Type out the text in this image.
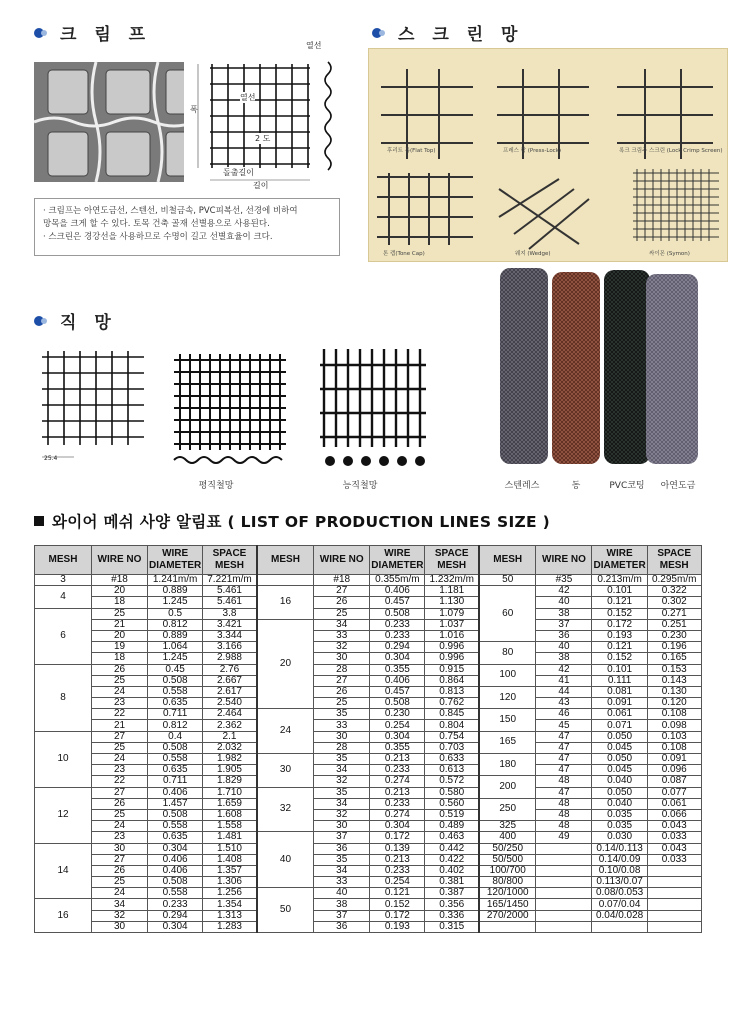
크 림 프	스 크 린 망
직 망
열선
폭
열선
2 도
돌출길이
길이
· 크림프는 아연도금선, 스텐선, 비철금속, PVC피복선, 선경에 비하여
망목을 크게 할 수 있다. 토목 건축 골재 선별용으로 사용된다.
· 스크린은 경강선을 사용하므로 수명이 길고 선별효율이 크다.
후리트 톱(Flat Top)	프레스 락 (Press-Lock)	록크 크림주 스크린 (Lock Crimp Screen)
톤 캡(Tone Cap)	웨지 (Wedge)	싸이몬 (Symon)
25.4
평직철망	능직철망	스텐레스	동	PVC코팅	아연도금
와이어 메쉬 사양 알림표 ( LIST OF PRODUCTION LINES SIZE )
MESH	WIRE NO	WIRE
DIAMETER	SPACE
MESH	MESH	WIRE NO	WIRE
DIAMETER	SPACE
MESH	MESH	WIRE NO	WIRE
DIAMETER	SPACE
MESH
3	#18	1.241m/m	7.221m/m		#18	0.355m/m	1.232m/m	50	#35	0.213m/m	0.295m/m
4	20	0.889	5.461	16	27	0.406	1.181	60	42	0.101	0.322
	18	1.245	5.461		26	0.457	1.130		40	0.121	0.302
6	25	0.5	3.8		25	0.508	1.079		38	0.152	0.271
	21	0.812	3.421	20	34	0.233	1.037		37	0.172	0.251
	20	0.889	3.344		33	0.233	1.016		36	0.193	0.230
	19	1.064	3.166		32	0.294	0.996	80	40	0.121	0.196
	18	1.245	2.988		30	0.304	0.996		38	0.152	0.165
8	26	0.45	2.76		28	0.355	0.915	100	42	0.101	0.153
	25	0.508	2.667		27	0.406	0.864		41	0.111	0.143
	24	0.558	2.617		26	0.457	0.813	120	44	0.081	0.130
	23	0.635	2.540		25	0.508	0.762		43	0.091	0.120
	22	0.711	2.464	24	35	0.230	0.845	150	46	0.061	0.108
	21	0.812	2.362		33	0.254	0.804		45	0.071	0.098
10	27	0.4	2.1		30	0.304	0.754	165	47	0.050	0.103
	25	0.508	2.032		28	0.355	0.703		47	0.045	0.108
	24	0.558	1.982	30	35	0.213	0.633	180	47	0.050	0.091
	23	0.635	1.905		34	0.233	0.613		47	0.045	0.096
	22	0.711	1.829		32	0.274	0.572	200	48	0.040	0.087
12	27	0.406	1.710	32	35	0.213	0.580		47	0.050	0.077
	26	1.457	1.659		34	0.233	0.560	250	48	0.040	0.061
	25	0.508	1.608		32	0.274	0.519		48	0.035	0.066
	24	0.558	1.558		30	0.304	0.489	325	48	0.035	0.043
	23	0.635	1.481	40	37	0.172	0.463	400	49	0.030	0.033
14	30	0.304	1.510		36	0.139	0.442	50/250		0.14/0.113	0.043
	27	0.406	1.408		35	0.213	0.422	50/500		0.14/0.09	0.033
	26	0.406	1.357		34	0.233	0.402	100/700		0.10/0.08	
	25	0.508	1.306		33	0.254	0.381	80/800		0.113/0.07	
	24	0.558	1.256	50	40	0.121	0.387	120/1000		0.08/0.053	
16	34	0.233	1.354		38	0.152	0.356	165/1450		0.07/0.04	
	32	0.294	1.313		37	0.172	0.336	270/2000		0.04/0.028	
	30	0.304	1.283		36	0.193	0.315				
